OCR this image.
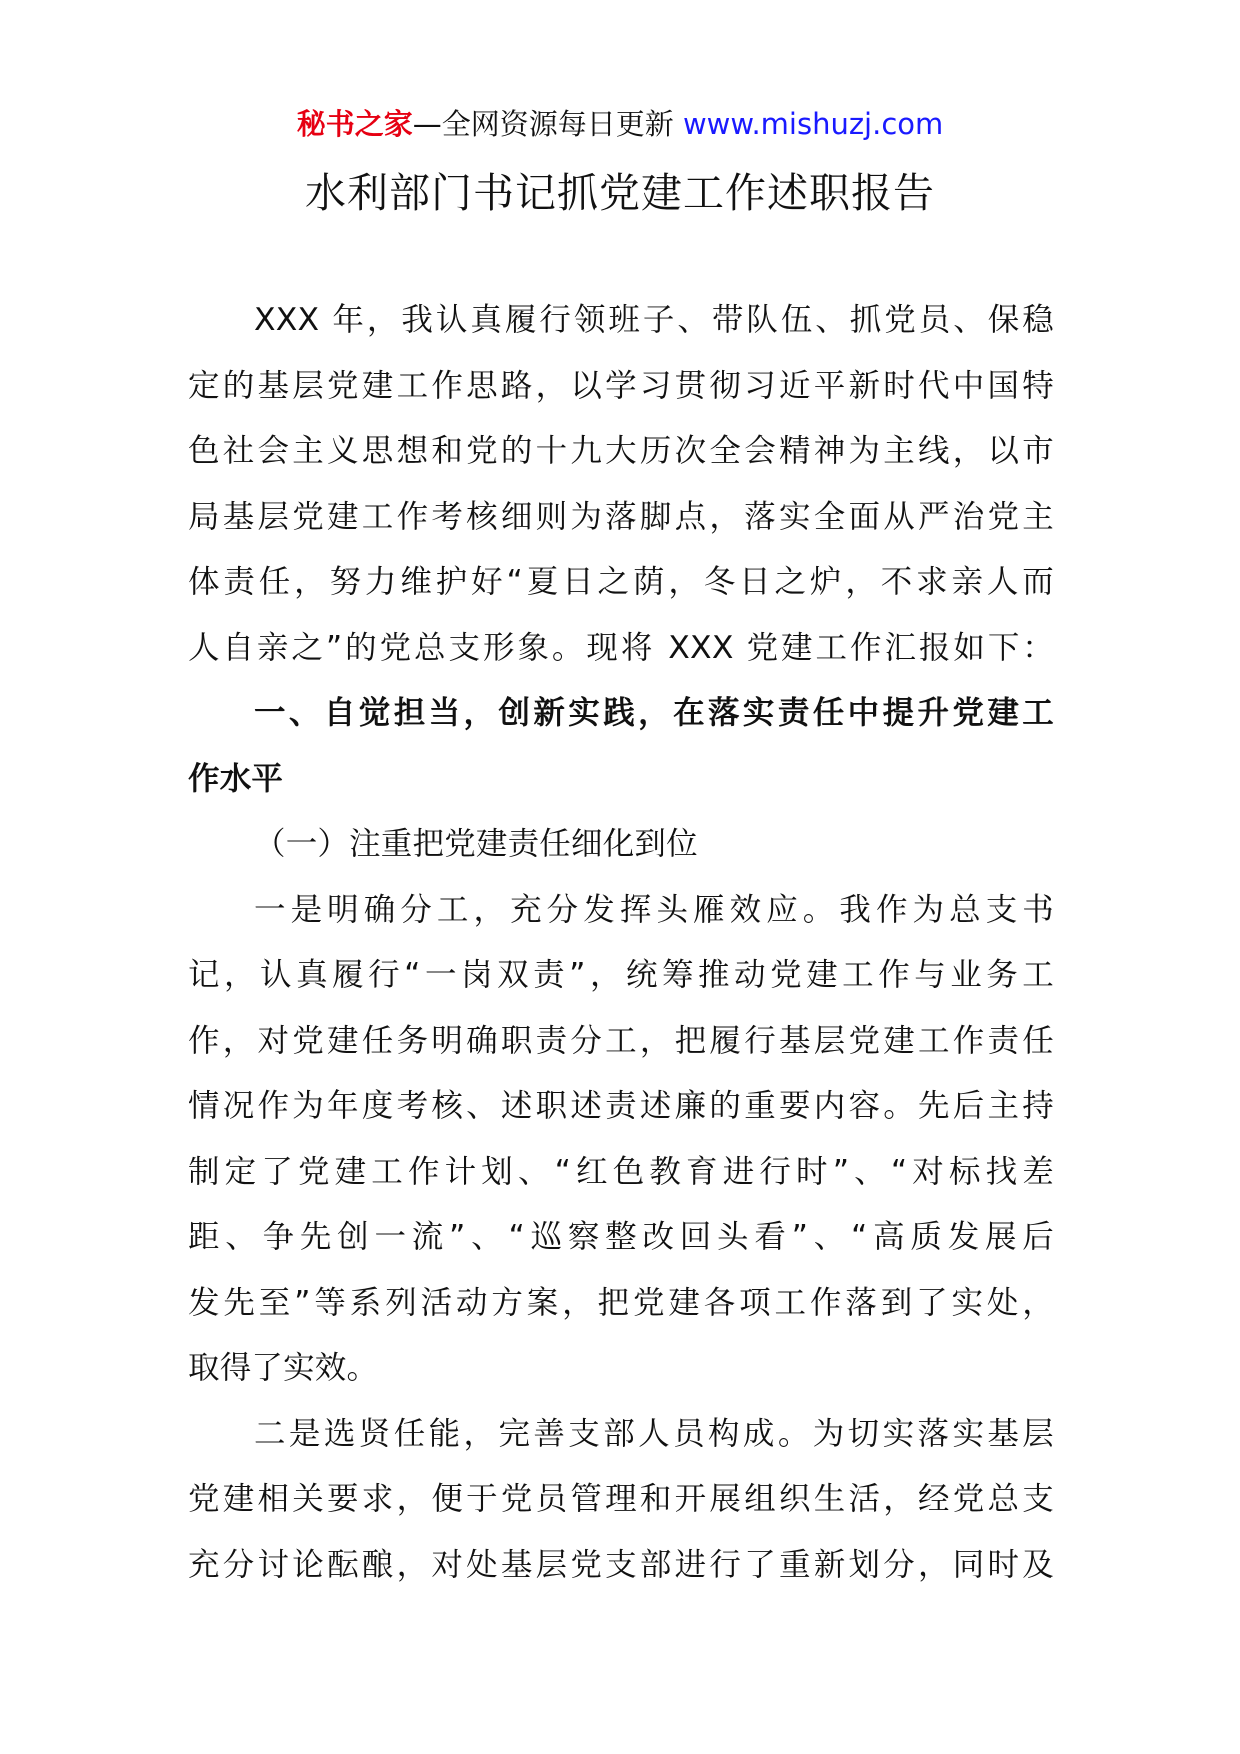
秘书之家—全网资源每日更新 www.mishuzj.com
水利部门书记抓党建工作述职报告
XXX 年，我认真履行领班子、带队伍、抓党员、保稳
定的基层党建工作思路，以学习贯彻习近平新时代中国特
色社会主义思想和党的十九大历次全会精神为主线，以市
局基层党建工作考核细则为落脚点，落实全面从严治党主
体责任，努力维护好“夏日之荫，冬日之炉，不求亲人而
人自亲之”的党总支形象。现将 XXX 党建工作汇报如下：
一、自觉担当，创新实践，在落实责任中提升党建工
作水平
（一）注重把党建责任细化到位
一是明确分工，充分发挥头雁效应。我作为总支书
记，认真履行“一岗双责”，统筹推动党建工作与业务工
作，对党建任务明确职责分工，把履行基层党建工作责任
情况作为年度考核、述职述责述廉的重要内容。先后主持
制定了党建工作计划、“红色教育进行时”、“对标找差
距、争先创一流”、“巡察整改回头看”、“高质发展后
发先至”等系列活动方案，把党建各项工作落到了实处，
取得了实效。
二是选贤任能，完善支部人员构成。为切实落实基层
党建相关要求，便于党员管理和开展组织生活，经党总支
充分讨论酝酿，对处基层党支部进行了重新划分，同时及
